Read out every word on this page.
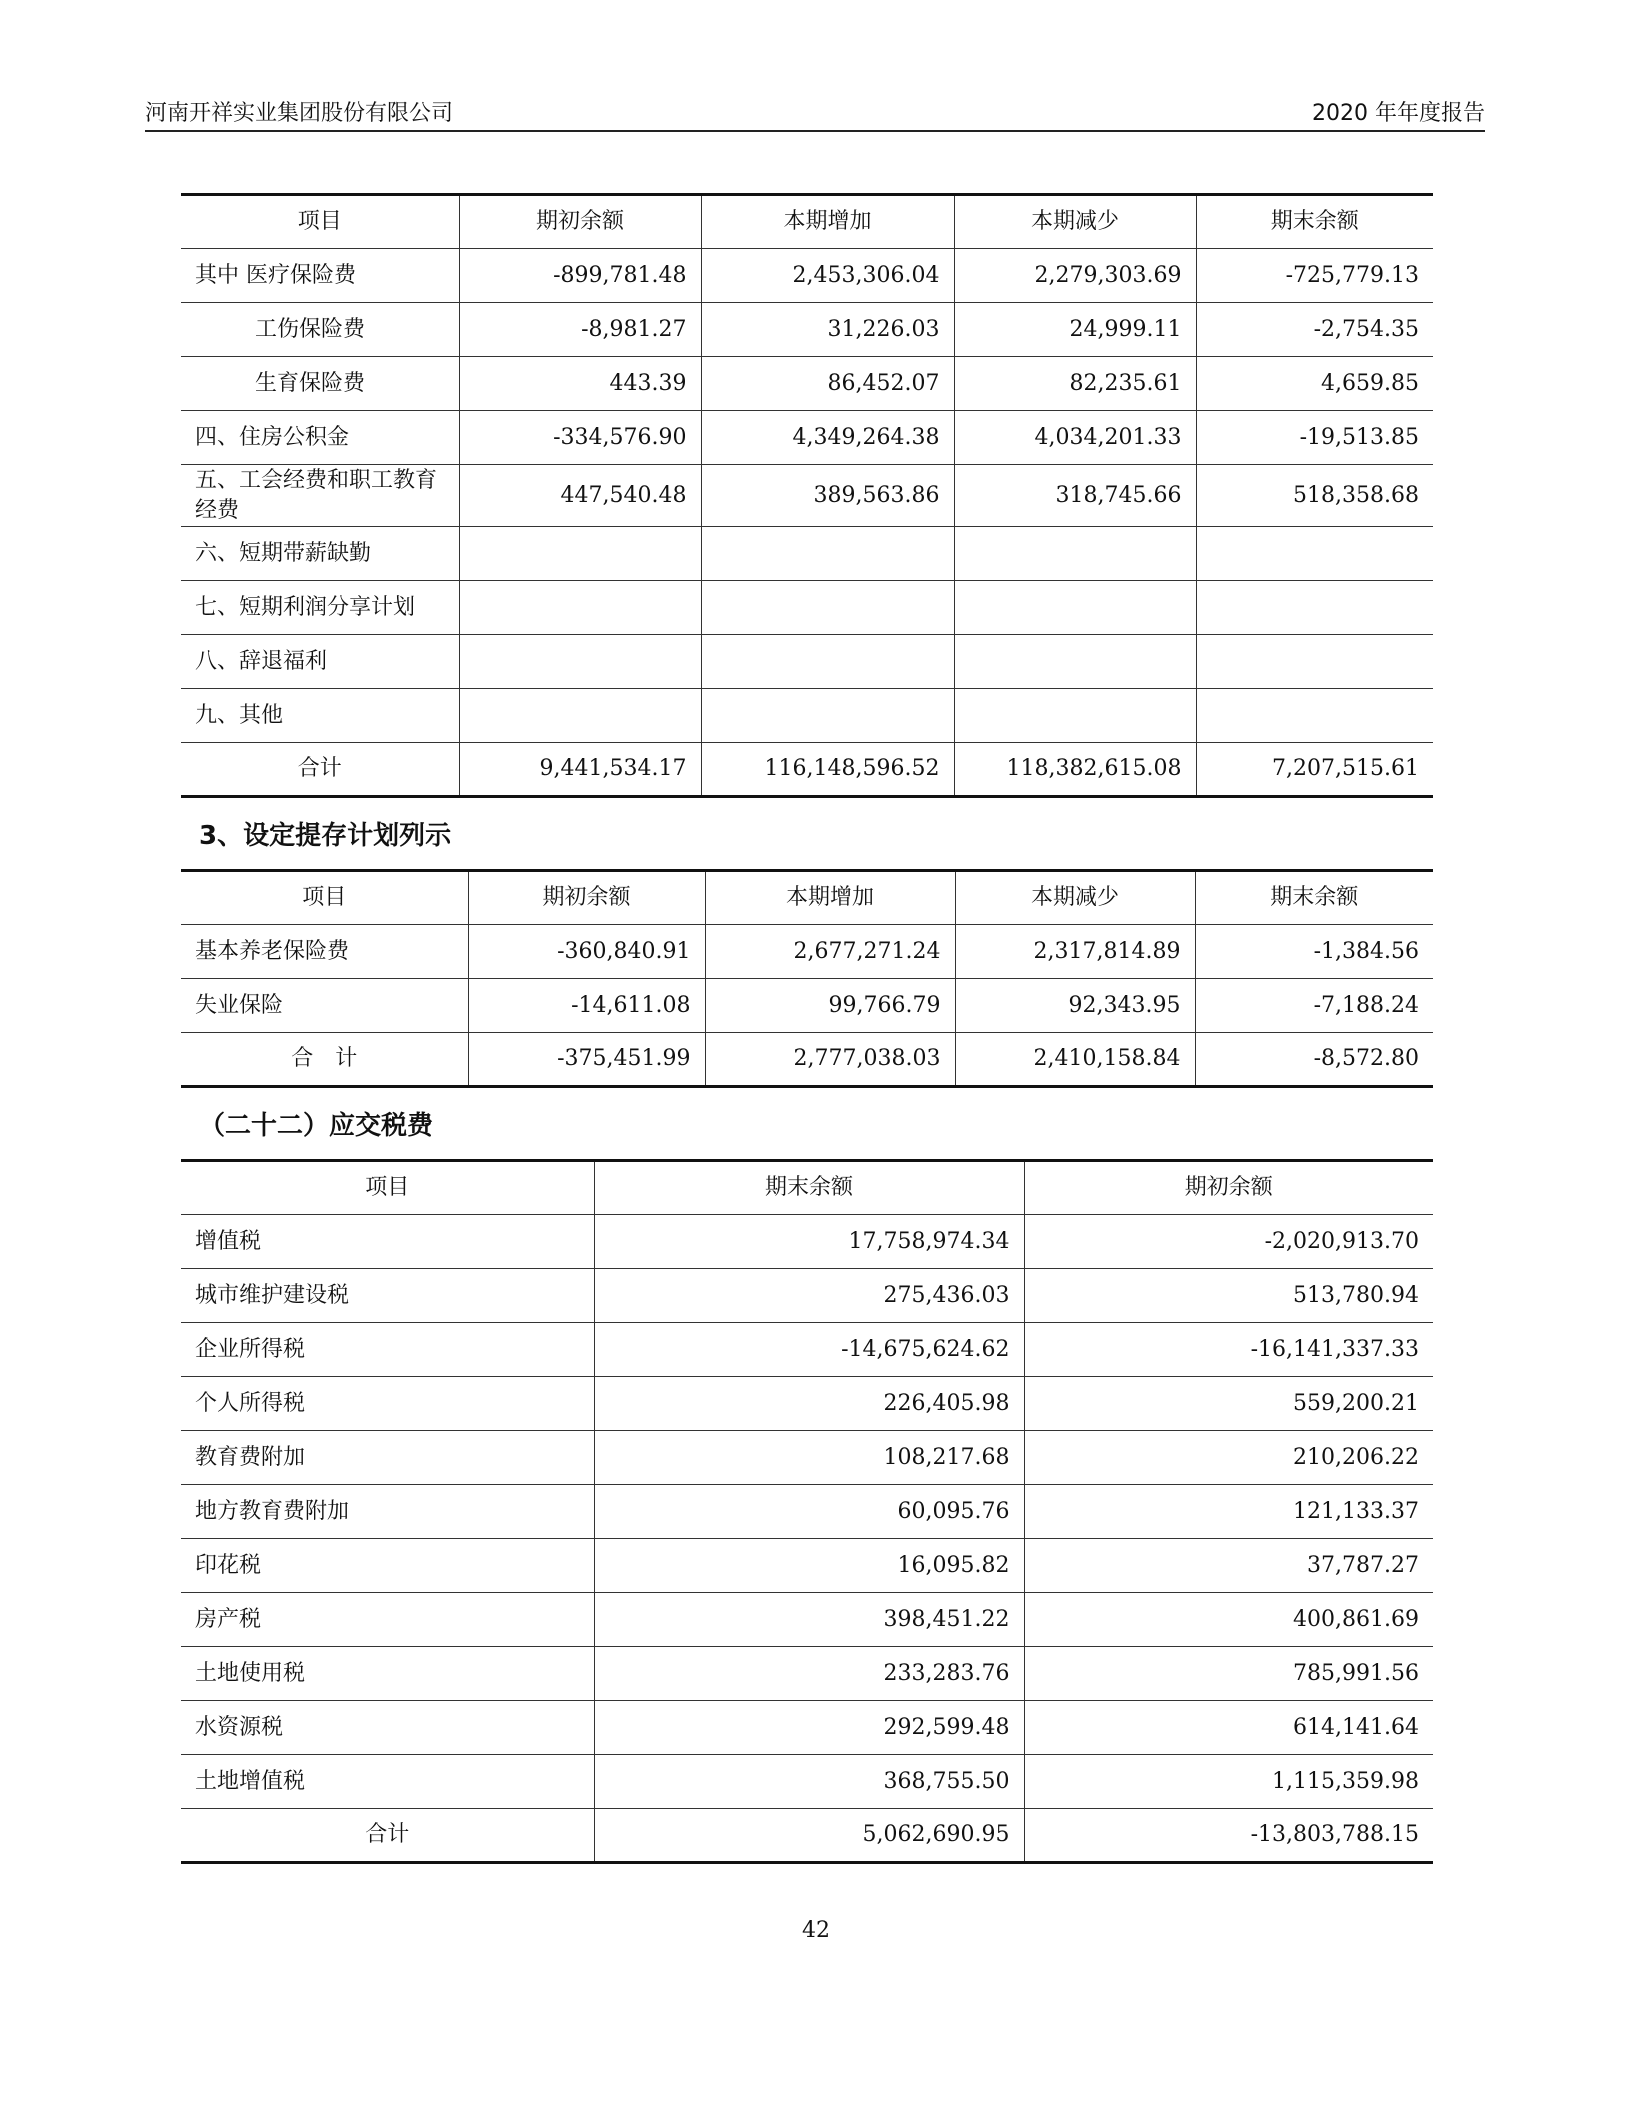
河南开祥实业集团股份有限公司	2020 年年度报告
项目	期初余额	本期增加	本期减少	期末余额
其中 医疗保险费	-899,781.48	2,453,306.04	2,279,303.69	-725,779.13
工伤保险费	-8,981.27	31,226.03	24,999.11	-2,754.35
生育保险费	443.39	86,452.07	82,235.61	4,659.85
四、住房公积金	-334,576.90	4,349,264.38	4,034,201.33	-19,513.85
五、工会经费和职工教育经费	447,540.48	389,563.86	318,745.66	518,358.68
六、短期带薪缺勤				
七、短期利润分享计划				
八、辞退福利				
九、其他				
合计	9,441,534.17	116,148,596.52	118,382,615.08	7,207,515.61
3、设定提存计划列示
项目	期初余额	本期增加	本期减少	期末余额
基本养老保险费	-360,840.91	2,677,271.24	2,317,814.89	-1,384.56
失业保险	-14,611.08	99,766.79	92,343.95	-7,188.24
合　计	-375,451.99	2,777,038.03	2,410,158.84	-8,572.80
（二十二）应交税费
项目	期末余额	期初余额
增值税	17,758,974.34	-2,020,913.70
城市维护建设税	275,436.03	513,780.94
企业所得税	-14,675,624.62	-16,141,337.33
个人所得税	226,405.98	559,200.21
教育费附加	108,217.68	210,206.22
地方教育费附加	60,095.76	121,133.37
印花税	16,095.82	37,787.27
房产税	398,451.22	400,861.69
土地使用税	233,283.76	785,991.56
水资源税	292,599.48	614,141.64
土地增值税	368,755.50	1,115,359.98
合计	5,062,690.95	-13,803,788.15
42
